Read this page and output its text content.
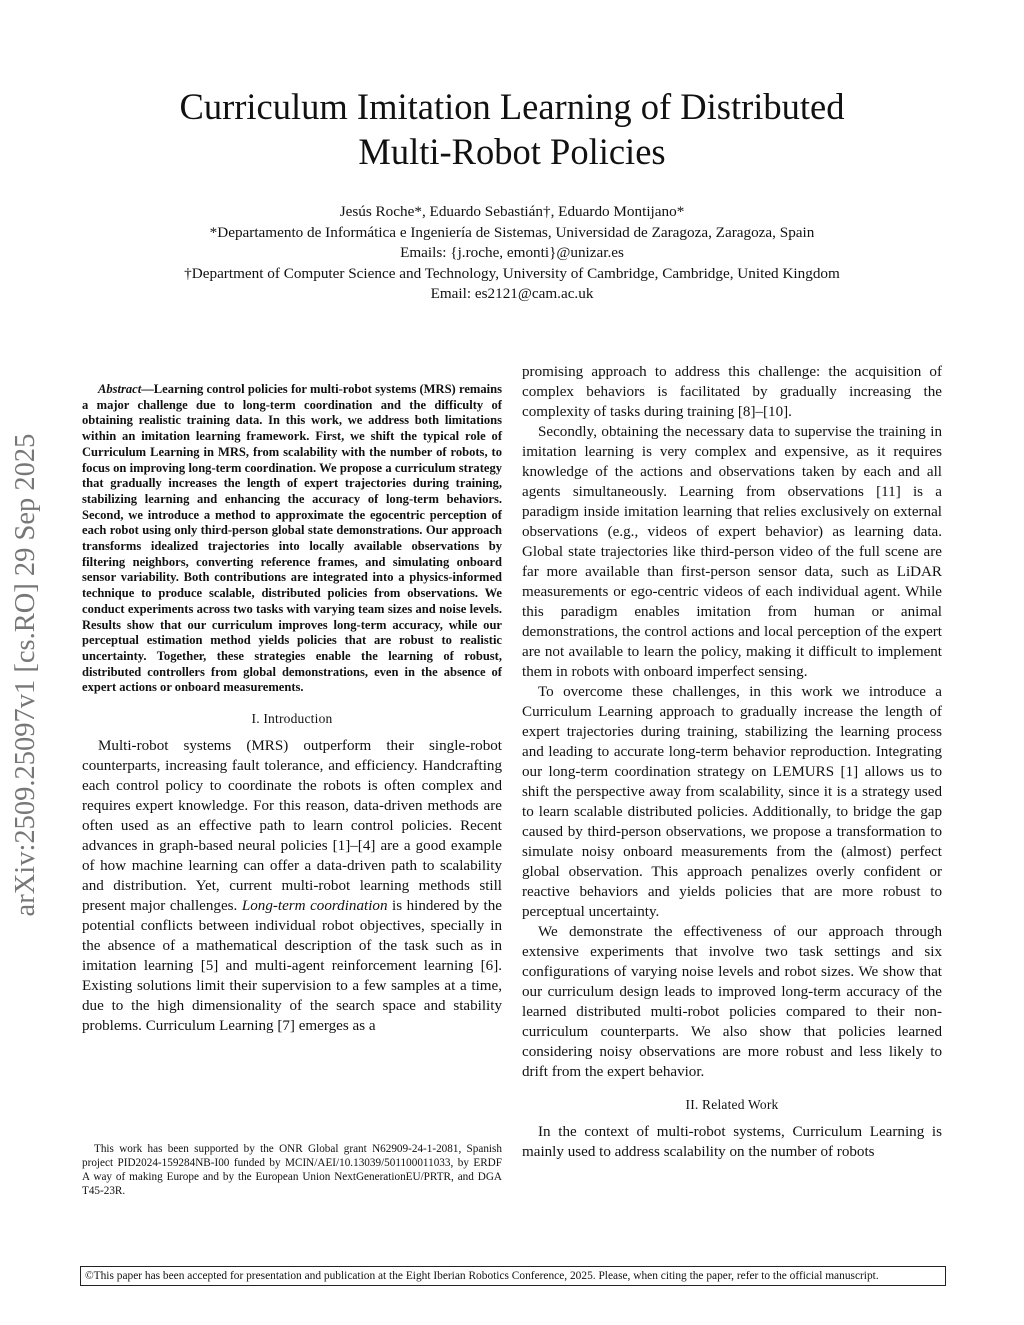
Curriculum Imitation Learning of Distributed
Multi-Robot Policies
Jesús Roche*, Eduardo Sebastián†, Eduardo Montijano*
*Departamento de Informática e Ingeniería de Sistemas, Universidad de Zaragoza, Zaragoza, Spain
Emails: {j.roche, emonti}@unizar.es
†Department of Computer Science and Technology, University of Cambridge, Cambridge, United Kingdom
Email: es2121@cam.ac.uk
arXiv:2509.25097v1 [cs.RO] 29 Sep 2025

Abstract—Learning control policies for multi-robot systems (MRS) remains a major challenge due to long-term coordination and the difficulty of obtaining realistic training data. In this work, we address both limitations within an imitation learning framework. First, we shift the typical role of Curriculum Learning in MRS, from scalability with the number of robots, to focus on improving long-term coordination. We propose a curriculum strategy that gradually increases the length of expert trajectories during training, stabilizing learning and enhancing the accuracy of long-term behaviors. Second, we introduce a method to approximate the egocentric perception of each robot using only third-person global state demonstrations. Our approach transforms idealized trajectories into locally available observations by filtering neighbors, converting reference frames, and simulating onboard sensor variability. Both contributions are integrated into a physics-informed technique to produce scalable, distributed policies from observations. We conduct experiments across two tasks with varying team sizes and noise levels. Results show that our curriculum improves long-term accuracy, while our perceptual estimation method yields policies that are robust to realistic uncertainty. Together, these strategies enable the learning of robust, distributed controllers from global demonstrations, even in the absence of expert actions or onboard measurements.

I. Introduction

Multi-robot systems (MRS) outperform their single-robot counterparts, increasing fault tolerance, and efficiency. Handcrafting each control policy to coordinate the robots is often complex and requires expert knowledge. For this reason, data-driven methods are often used as an effective path to learn control policies. Recent advances in graph-based neural policies [1]–[4] are a good example of how machine learning can offer a data-driven path to scalability and distribution. Yet, current multi-robot learning methods still present major challenges. Long-term coordination is hindered by the potential conflicts between individual robot objectives, specially in the absence of a mathematical description of the task such as in imitation learning [5] and multi-agent reinforcement learning [6]. Existing solutions limit their supervision to a few samples at a time, due to the high dimensionality of the search space and stability problems. Curriculum Learning [7] emerges as a

This work has been supported by the ONR Global grant N62909-24-1-2081, Spanish project PID2024-159284NB-I00 funded by MCIN/AEI/10.13039/501100011033, by ERDF A way of making Europe and by the European Union NextGenerationEU/PRTR, and DGA T45-23R.

promising approach to address this challenge: the acquisition of complex behaviors is facilitated by gradually increasing the complexity of tasks during training [8]–[10].

Secondly, obtaining the necessary data to supervise the training in imitation learning is very complex and expensive, as it requires knowledge of the actions and observations taken by each and all agents simultaneously. Learning from observations [11] is a paradigm inside imitation learning that relies exclusively on external observations (e.g., videos of expert behavior) as learning data. Global state trajectories like third-person video of the full scene are far more available than first-person sensor data, such as LiDAR measurements or ego-centric videos of each individual agent. While this paradigm enables imitation from human or animal demonstrations, the control actions and local perception of the expert are not available to learn the policy, making it difficult to implement them in robots with onboard imperfect sensing.

To overcome these challenges, in this work we introduce a Curriculum Learning approach to gradually increase the length of expert trajectories during training, stabilizing the learning process and leading to accurate long-term behavior reproduction. Integrating our long-term coordination strategy on LEMURS [1] allows us to shift the perspective away from scalability, since it is a strategy used to learn scalable distributed policies. Additionally, to bridge the gap caused by third-person observations, we propose a transformation to simulate noisy onboard measurements from the (almost) perfect global observation. This approach penalizes overly confident or reactive behaviors and yields policies that are more robust to perceptual uncertainty.

We demonstrate the effectiveness of our approach through extensive experiments that involve two task settings and six configurations of varying noise levels and robot sizes. We show that our curriculum design leads to improved long-term accuracy of the learned distributed multi-robot policies compared to their non-curriculum counterparts. We also show that policies learned considering noisy observations are more robust and less likely to drift from the expert behavior.

II. Related Work

In the context of multi-robot systems, Curriculum Learning is mainly used to address scalability on the number of robots

©This paper has been accepted for presentation and publication at the Eight Iberian Robotics Conference, 2025. Please, when citing the paper, refer to the official manuscript.
